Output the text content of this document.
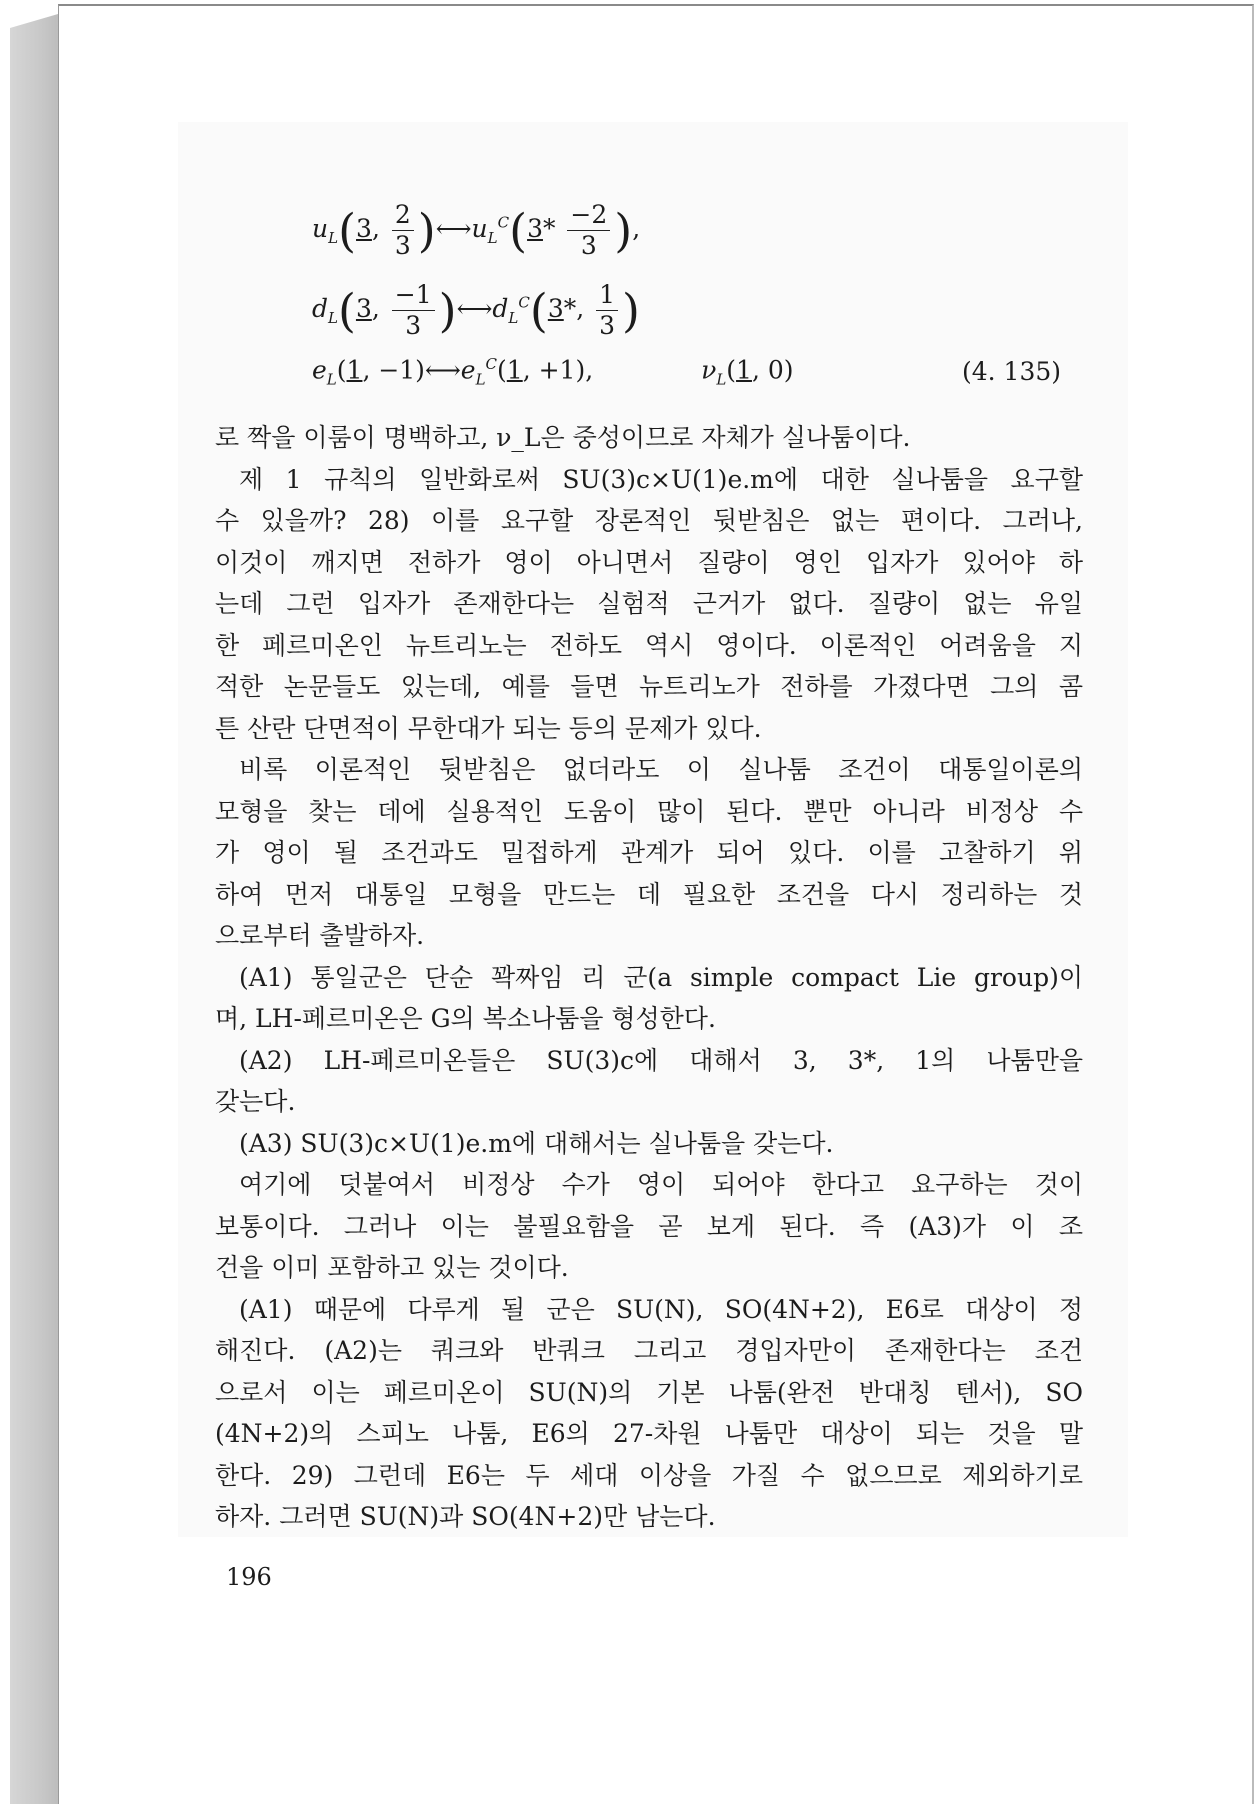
$u_L(3$, $\frac{2}{3}$ )$⟷u_L^C(3* \frac{-2}{3}$ ),
$d_L(3$, $\frac{-1}{3}$ )$⟷d_L^C(3*$, $\frac{1}{3}$ )
$e_L(1$, $-1)⟷e_L^C(1$, +1),	$\nu_L(1$, 0)	(4. 135)
로 짝을 이룸이 명백하고, ν_L은 중성이므로 자체가 실나툼이다.
제 1 규칙의 일반화로써 SU(3)c×U(1)e.m에 대한 실나툼을 요구할
수 있을까? 28) 이를 요구할 장론적인 뒷받침은 없는 편이다. 그러나,
이것이 깨지면 전하가 영이 아니면서 질량이 영인 입자가 있어야 하
는데 그런 입자가 존재한다는 실험적 근거가 없다. 질량이 없는 유일
한 페르미온인 뉴트리노는 전하도 역시 영이다. 이론적인 어려움을 지
적한 논문들도 있는데, 예를 들면 뉴트리노가 전하를 가졌다면 그의 콤
튼 산란 단면적이 무한대가 되는 등의 문제가 있다.
비록 이론적인 뒷받침은 없더라도 이 실나툼 조건이 대통일이론의
모형을 찾는 데에 실용적인 도움이 많이 된다. 뿐만 아니라 비정상 수
가 영이 될 조건과도 밀접하게 관계가 되어 있다. 이를 고찰하기 위
하여 먼저 대통일 모형을 만드는 데 필요한 조건을 다시 정리하는 것
으로부터 출발하자.
(A1) 통일군은 단순 꽉짜임 리 군(a simple compact Lie group)이
며, LH-페르미온은 G의 복소나툼을 형성한다.
(A2) LH-페르미온들은 SU(3)c에 대해서 3, 3*, 1의 나툼만을
갖는다.
(A3) SU(3)c×U(1)e.m에 대해서는 실나툼을 갖는다.
여기에 덧붙여서 비정상 수가 영이 되어야 한다고 요구하는 것이
보통이다. 그러나 이는 불필요함을 곧 보게 된다. 즉 (A3)가 이 조
건을 이미 포함하고 있는 것이다.
(A1) 때문에 다루게 될 군은 SU(N), SO(4N+2), E6로 대상이 정
해진다. (A2)는 쿼크와 반쿼크 그리고 경입자만이 존재한다는 조건
으로서 이는 페르미온이 SU(N)의 기본 나툼(완전 반대칭 텐서), SO
(4N+2)의 스피노 나툼, E6의 27-차원 나툼만 대상이 되는 것을 말
한다. 29) 그런데 E6는 두 세대 이상을 가질 수 없으므로 제외하기로
하자. 그러면 SU(N)과 SO(4N+2)만 남는다.
196
